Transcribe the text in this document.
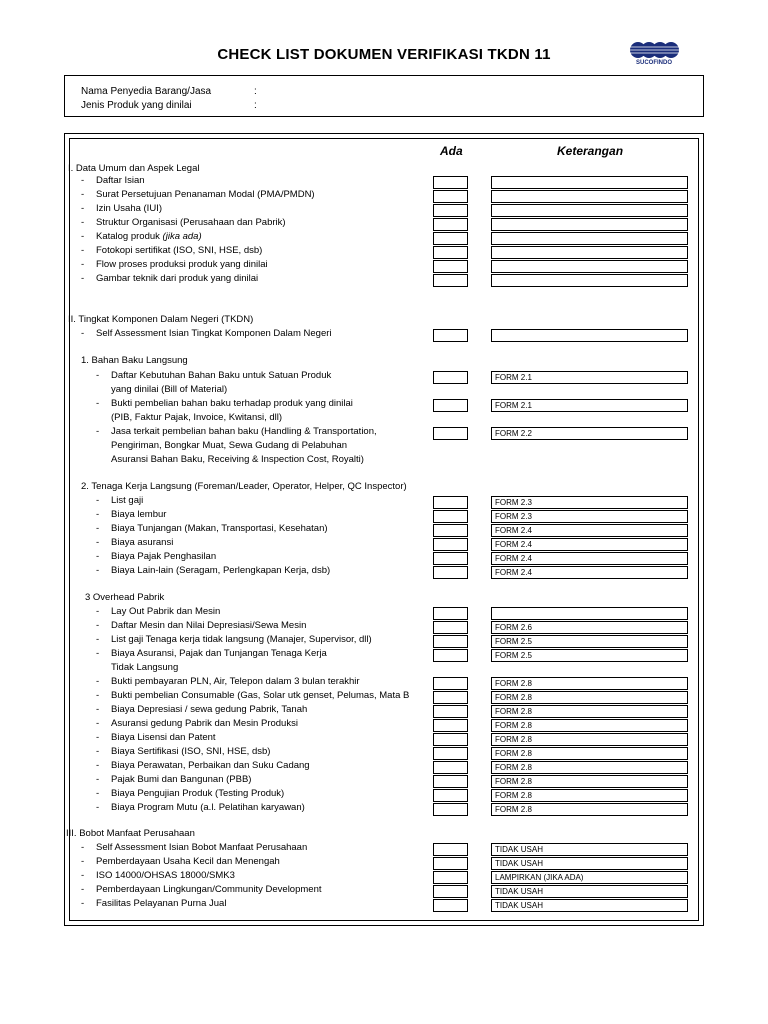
CHECK LIST DOKUMEN VERIFIKASI TKDN 11	SUCOFINDO
Nama Penyedia Barang/Jasa	:
Jenis Produk yang dinilai	:
Ada	Keterangan
I. Data Umum dan Aspek Legal
- Daftar Isian
- Surat Persetujuan Penanaman Modal (PMA/PMDN)
- Izin Usaha (IUI)
- Struktur Organisasi (Perusahaan dan Pabrik)
- Katalog produk (jika ada)
- Fotokopi sertifikat (ISO, SNI, HSE, dsb)
- Flow proses produksi produk yang dinilai
- Gambar teknik dari produk yang dinilai
II. Tingkat Komponen Dalam Negeri (TKDN)
- Self Assessment Isian Tingkat Komponen Dalam Negeri
1. Bahan Baku Langsung
- Daftar Kebutuhan Bahan Baku untuk Satuan Produk
yang dinilai (Bill of Material)
FORM 2.1
- Bukti pembelian bahan baku terhadap produk yang dinilai
(PIB, Faktur Pajak, Invoice, Kwitansi, dll)
FORM 2.1
- Jasa terkait pembelian bahan baku (Handling & Transportation,
Pengiriman, Bongkar Muat, Sewa Gudang di Pelabuhan
Asuransi Bahan Baku, Receiving & Inspection Cost, Royalti)
FORM 2.2
2. Tenaga Kerja Langsung (Foreman/Leader, Operator, Helper, QC Inspector)
- List gaji	FORM 2.3
- Biaya lembur	FORM 2.3
- Biaya Tunjangan (Makan, Transportasi, Kesehatan)	FORM 2.4
- Biaya asuransi	FORM 2.4
- Biaya Pajak Penghasilan	FORM 2.4
- Biaya Lain-lain (Seragam, Perlengkapan Kerja, dsb)	FORM 2.4
3 Overhead Pabrik
- Lay Out Pabrik dan Mesin
- Daftar Mesin dan Nilai Depresiasi/Sewa Mesin	FORM 2.6
- List gaji Tenaga kerja tidak langsung (Manajer, Supervisor, dll)	FORM 2.5
- Biaya Asuransi, Pajak dan Tunjangan Tenaga Kerja
Tidak Langsung
FORM 2.5
- Bukti pembayaran PLN, Air, Telepon dalam 3 bulan terakhir	FORM 2.8
- Bukti pembelian Consumable (Gas, Solar utk genset, Pelumas, Mata B	FORM 2.8
- Biaya Depresiasi / sewa gedung Pabrik, Tanah	FORM 2.8
- Asuransi gedung Pabrik dan Mesin Produksi	FORM 2.8
- Biaya Lisensi dan Patent	FORM 2.8
- Biaya Sertifikasi (ISO, SNI, HSE, dsb)	FORM 2.8
- Biaya Perawatan, Perbaikan dan Suku Cadang	FORM 2.8
- Pajak Bumi dan Bangunan (PBB)	FORM 2.8
- Biaya Pengujian Produk (Testing Produk)	FORM 2.8
- Biaya Program Mutu (a.l. Pelatihan karyawan)	FORM 2.8
III. Bobot Manfaat Perusahaan
- Self Assessment Isian Bobot Manfaat Perusahaan	TIDAK USAH
- Pemberdayaan Usaha Kecil dan Menengah	TIDAK USAH
- ISO 14000/OHSAS 18000/SMK3	LAMPIRKAN (JIKA ADA)
- Pemberdayaan Lingkungan/Community Development	TIDAK USAH
- Fasilitas Pelayanan Purna Jual	TIDAK USAH
